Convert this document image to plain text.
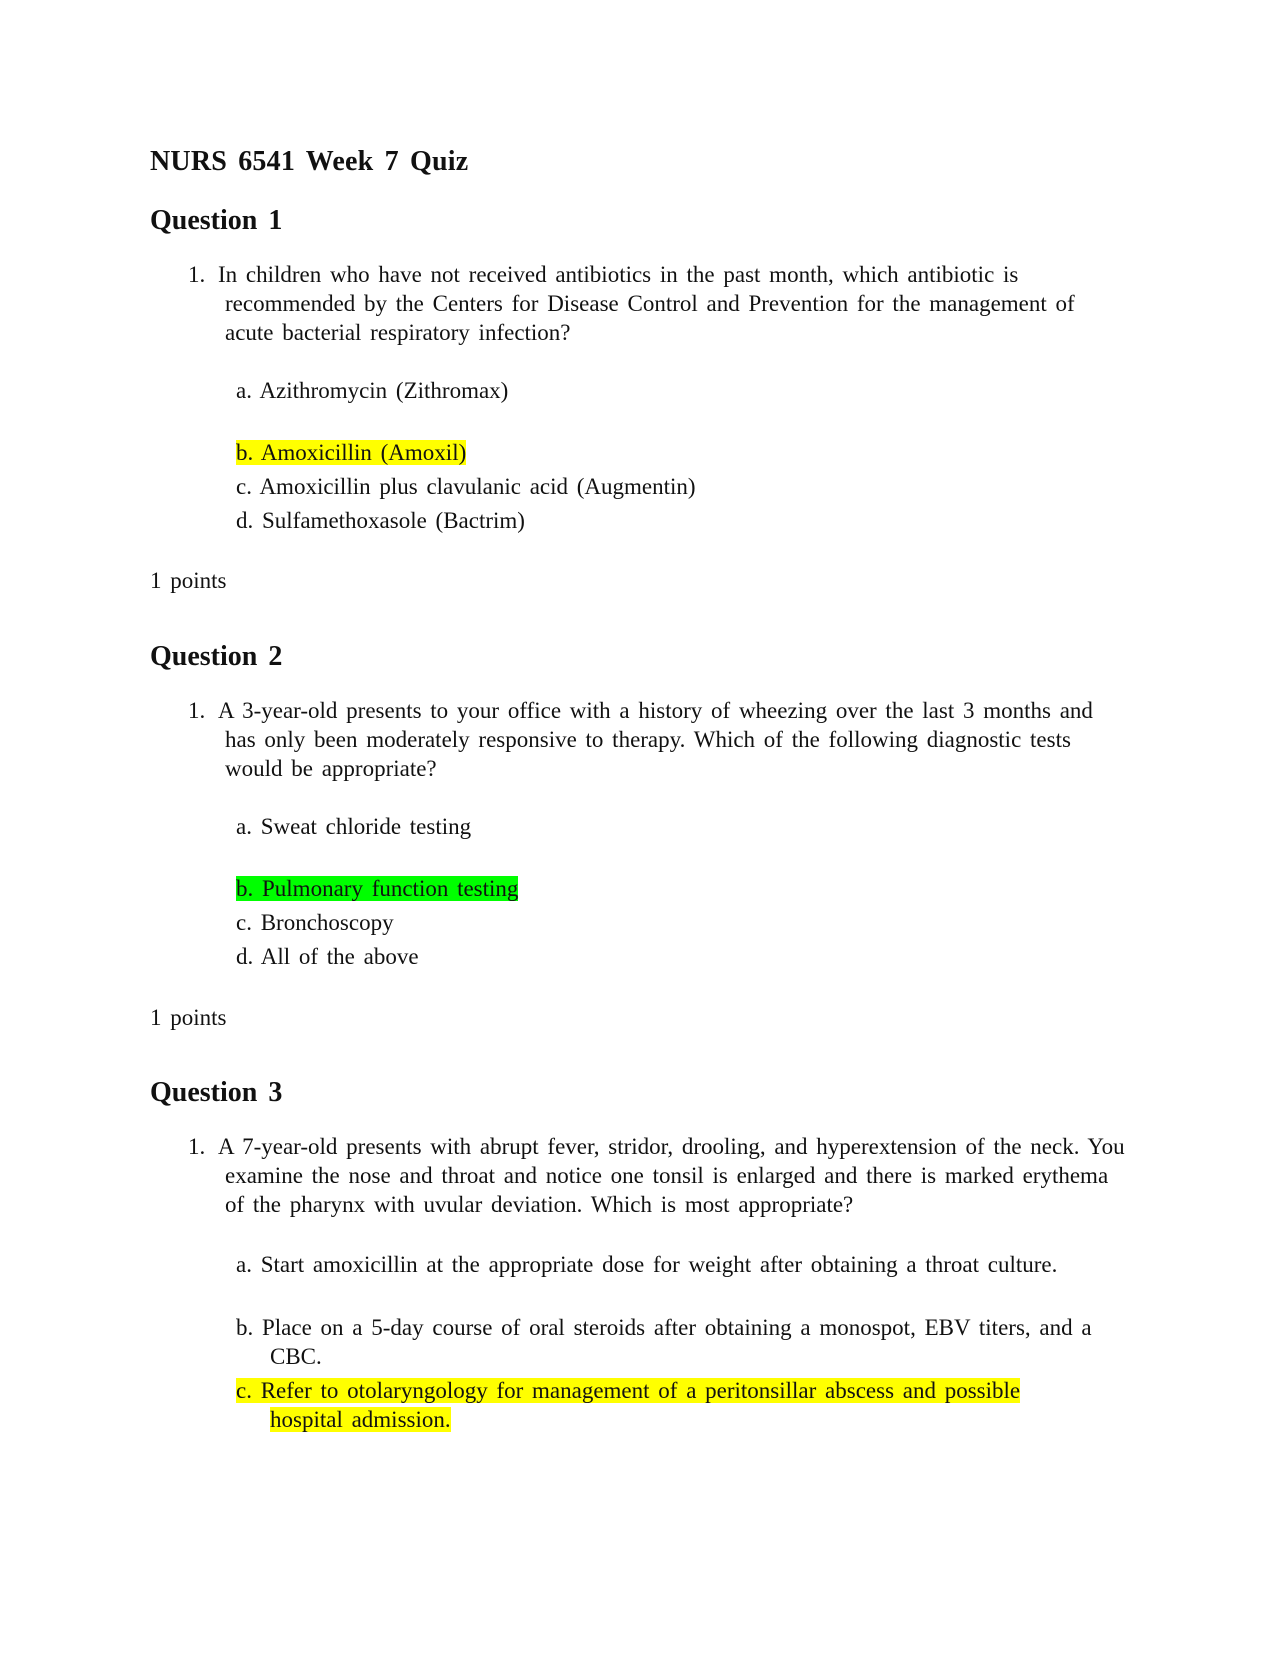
NURS 6541 Week 7 Quiz
Question 1
1. In children who have not received antibiotics in the past month, which antibiotic is recommended by the Centers for Disease Control and Prevention for the management of acute bacterial respiratory infection?
a. Azithromycin (Zithromax)
b. Amoxicillin (Amoxil)
c. Amoxicillin plus clavulanic acid (Augmentin)
d. Sulfamethoxasole (Bactrim)
1 points
Question 2
1. A 3-year-old presents to your office with a history of wheezing over the last 3 months and has only been moderately responsive to therapy. Which of the following diagnostic tests would be appropriate?
a. Sweat chloride testing
b. Pulmonary function testing
c. Bronchoscopy
d. All of the above
1 points
Question 3
1. A 7-year-old presents with abrupt fever, stridor, drooling, and hyperextension of the neck. You examine the nose and throat and notice one tonsil is enlarged and there is marked erythema of the pharynx with uvular deviation. Which is most appropriate?
a. Start amoxicillin at the appropriate dose for weight after obtaining a throat culture.
b. Place on a 5-day course of oral steroids after obtaining a monospot, EBV titers, and a CBC.
c. Refer to otolaryngology for management of a peritonsillar abscess and possible hospital admission.
